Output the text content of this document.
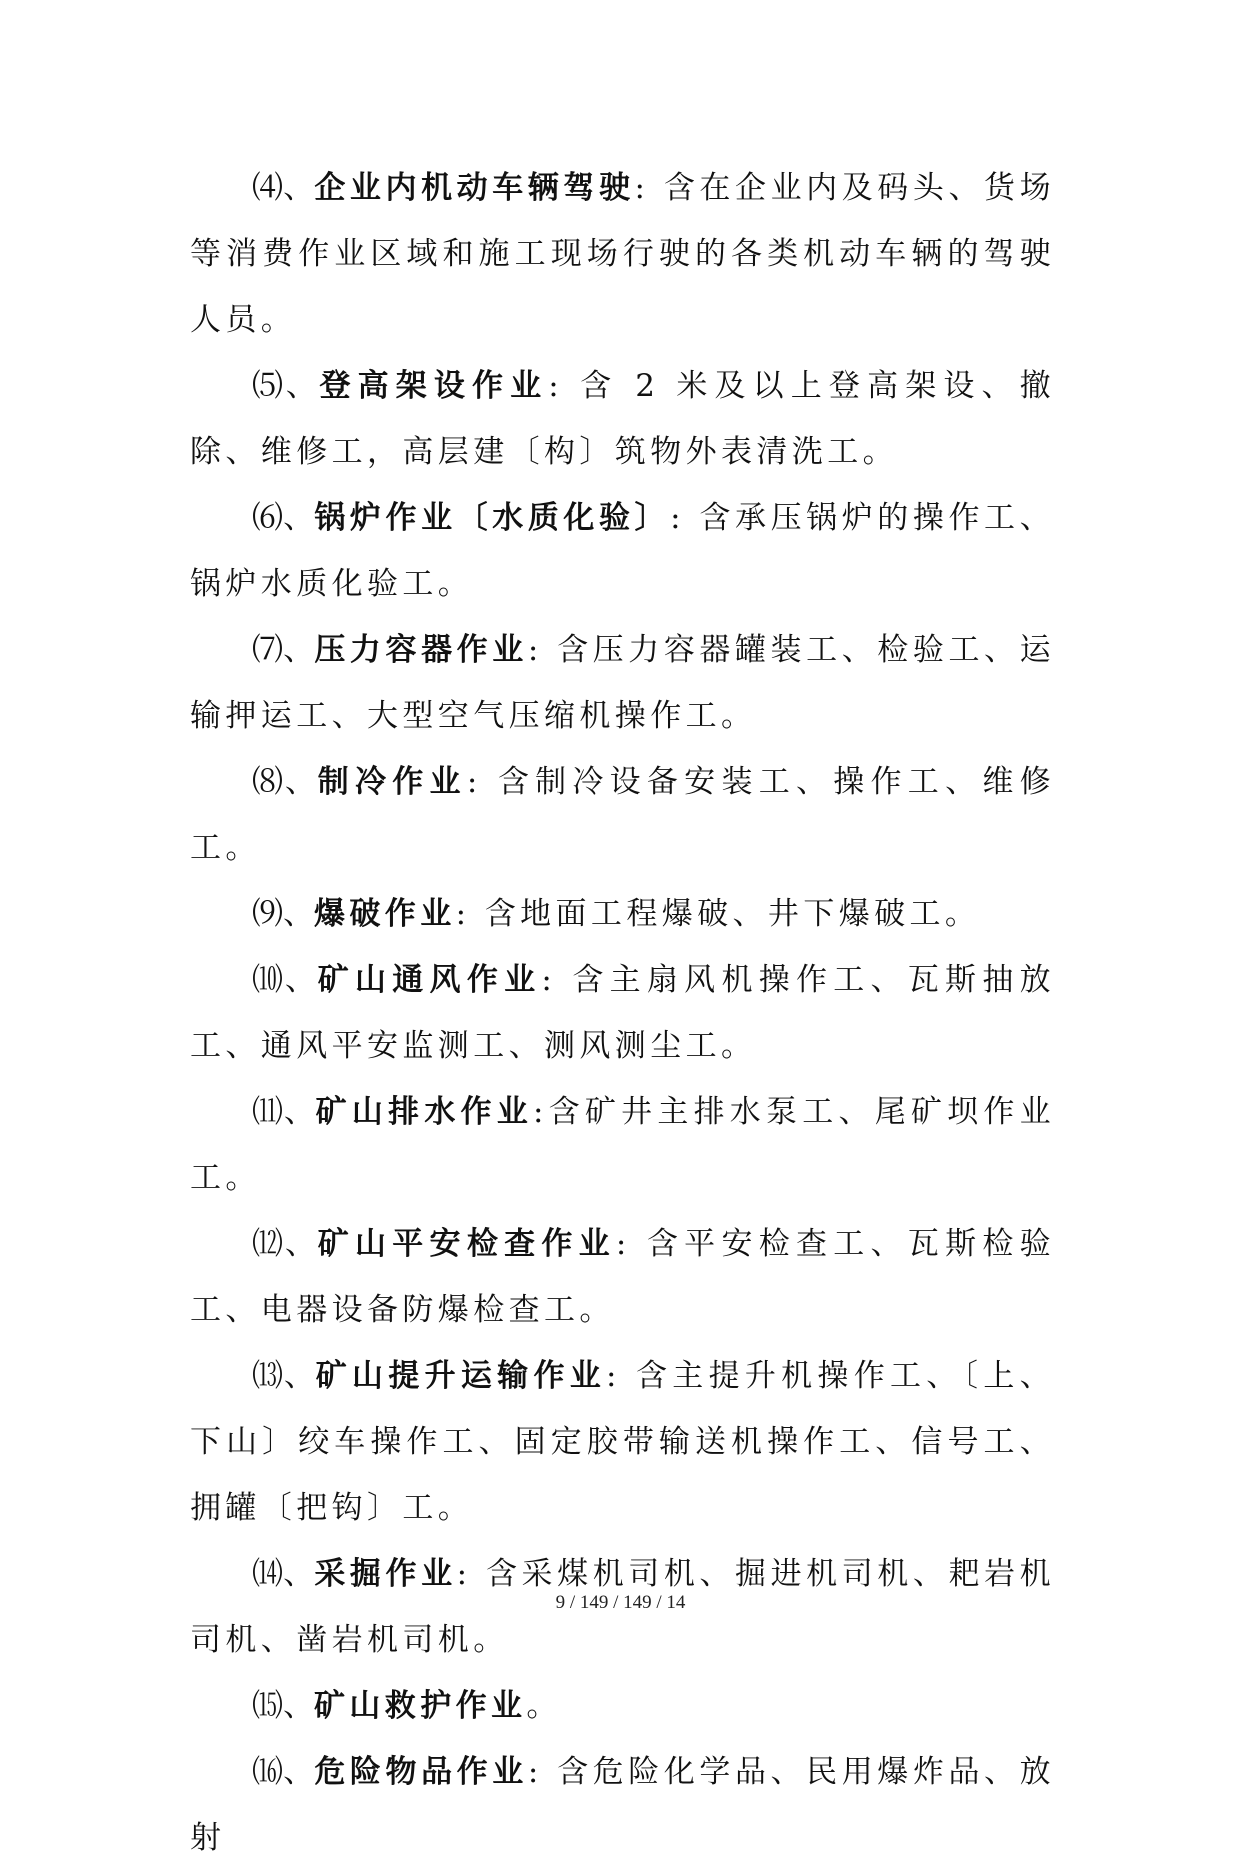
⑷、企业内机动车辆驾驶: 含在企业内及码头、货场等消费作业区域和施工现场行驶的各类机动车辆的驾驶人员。

⑸、登高架设作业: 含 2 米及以上登高架设、撤除、维修工，高层建〔构〕筑物外表清洗工。

⑹、锅炉作业〔水质化验〕: 含承压锅炉的操作工、锅炉水质化验工。

⑺、压力容器作业: 含压力容器罐装工、检验工、运输押运工、大型空气压缩机操作工。

⑻、制冷作业: 含制冷设备安装工、操作工、维修工。

⑼、爆破作业: 含地面工程爆破、井下爆破工。

⑽、矿山通风作业: 含主扇风机操作工、瓦斯抽放工、通风平安监测工、测风测尘工。

⑾、矿山排水作业:含矿井主排水泵工、尾矿坝作业工。

⑿、矿山平安检查作业: 含平安检查工、瓦斯检验工、电器设备防爆检查工。

⒀、矿山提升运输作业: 含主提升机操作工、〔上、下山〕绞车操作工、固定胶带输送机操作工、信号工、拥罐〔把钩〕工。

⒁、采掘作业: 含采煤机司机、掘进机司机、耙岩机司机、凿岩机司机。

⒂、矿山救护作业。

⒃、危险物品作业: 含危险化学品、民用爆炸品、放射

9 / 149 / 149 / 14
